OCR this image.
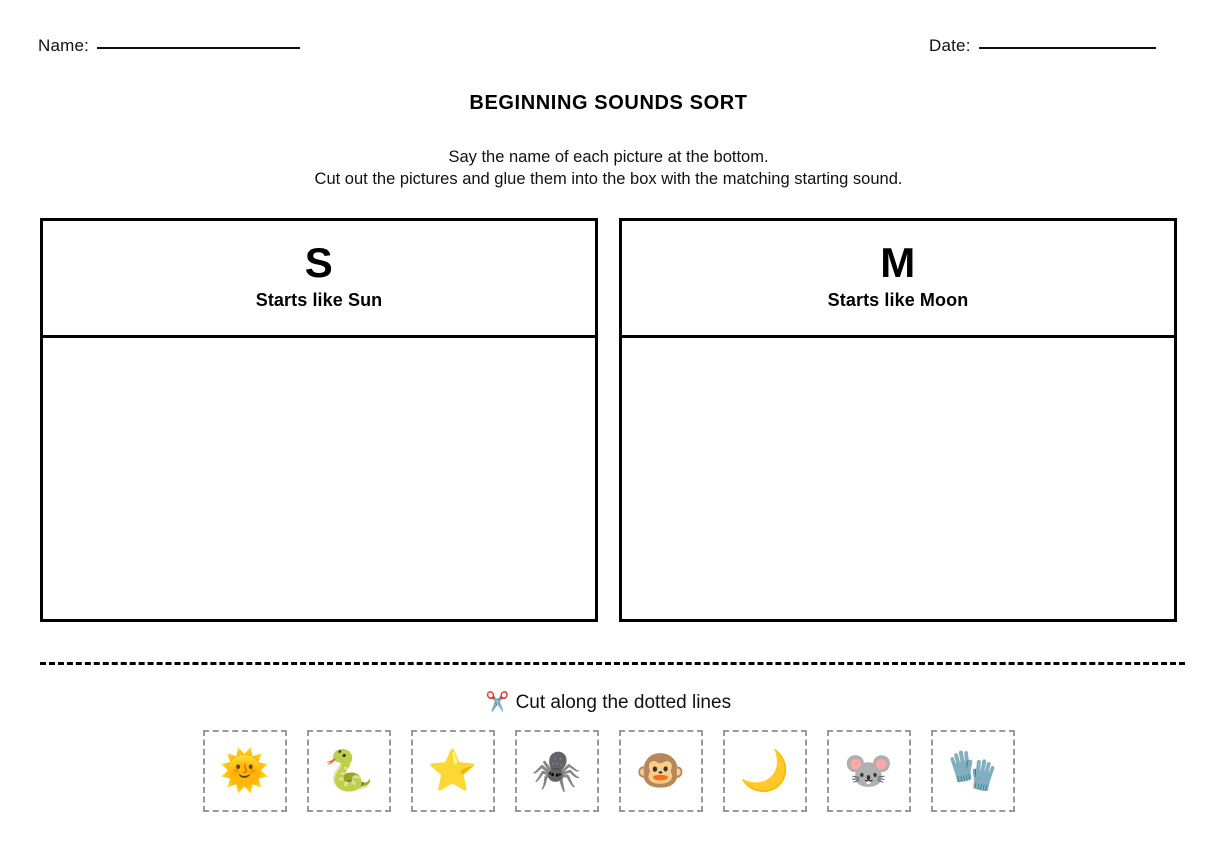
Name:	Date:
BEGINNING SOUNDS SORT
Say the name of each picture at the bottom.
Cut out the pictures and glue them into the box with the matching starting sound.
S
Starts like Sun
M
Starts like Moon
✂️ Cut along the dotted lines
🌞 🐍 ⭐ 🕷️ 🐵 🌙 🐭 🧤
